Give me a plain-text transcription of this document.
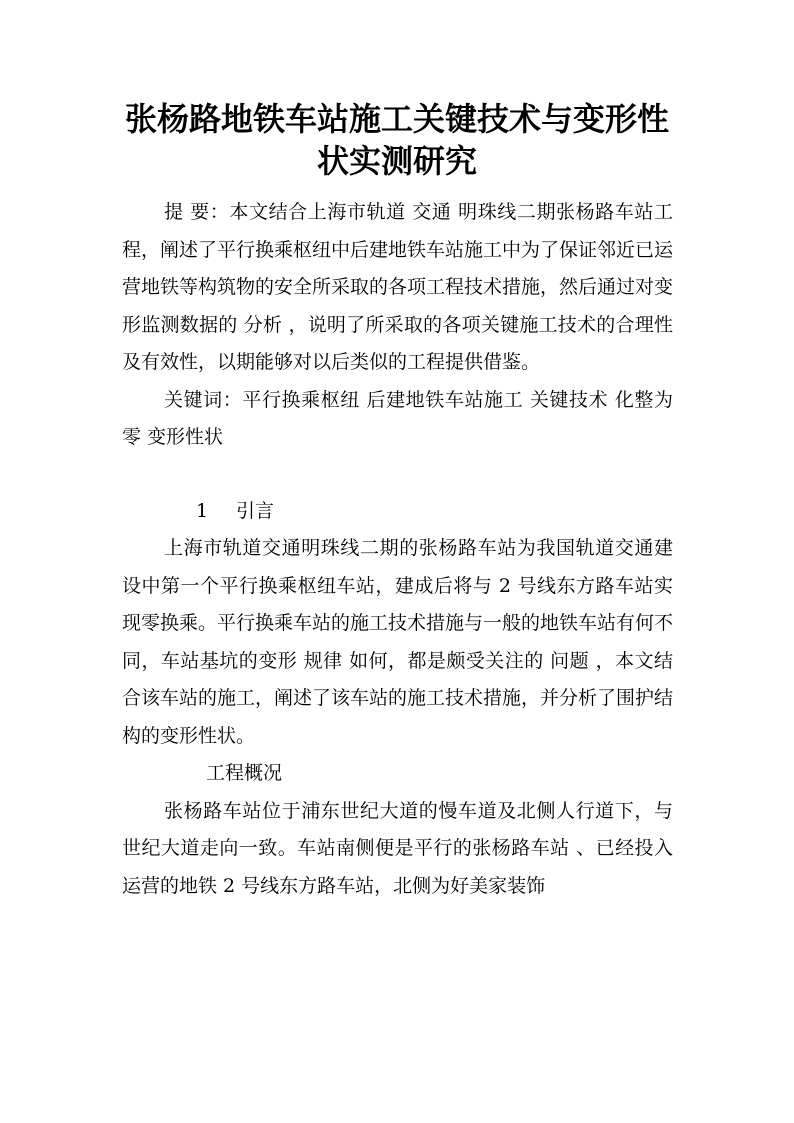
张杨路地铁车站施工关键技术与变形性
状实测研究

提 要：本文结合上海市轨道 交通 明珠线二期张杨路车站工程，阐述了平行换乘枢纽中后建地铁车站施工中为了保证邻近已运营地铁等构筑物的安全所采取的各项工程技术措施，然后通过对变形监测数据的 分析 ，说明了所采取的各项关键施工技术的合理性及有效性，以期能够对以后类似的工程提供借鉴。

关键词：平行换乘枢纽 后建地铁车站施工 关键技术 化整为零 变形性状

1 引言

上海市轨道交通明珠线二期的张杨路车站为我国轨道交通建设中第一个平行换乘枢纽车站，建成后将与 2 号线东方路车站实现零换乘。平行换乘车站的施工技术措施与一般的地铁车站有何不同，车站基坑的变形 规律 如何，都是颇受关注的 问题 ，本文结合该车站的施工，阐述了该车站的施工技术措施，并分析了围护结构的变形性状。

工程概况

张杨路车站位于浦东世纪大道的慢车道及北侧人行道下，与世纪大道走向一致。车站南侧便是平行的张杨路车站 、已经投入运营的地铁 2 号线东方路车站，北侧为好美家装饰
